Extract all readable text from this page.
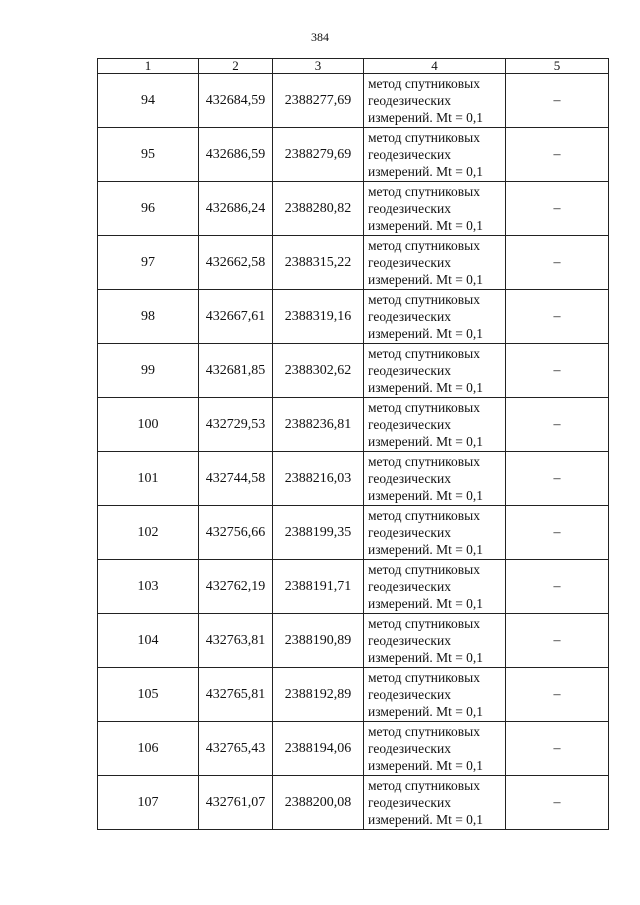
384
1	2	3	4	5
94	432684,59	2388277,69	метод спутниковых
геодезических
измерений. Mt = 0,1	–
95	432686,59	2388279,69	метод спутниковых
геодезических
измерений. Mt = 0,1	–
96	432686,24	2388280,82	метод спутниковых
геодезических
измерений. Mt = 0,1	–
97	432662,58	2388315,22	метод спутниковых
геодезических
измерений. Mt = 0,1	–
98	432667,61	2388319,16	метод спутниковых
геодезических
измерений. Mt = 0,1	–
99	432681,85	2388302,62	метод спутниковых
геодезических
измерений. Mt = 0,1	–
100	432729,53	2388236,81	метод спутниковых
геодезических
измерений. Mt = 0,1	–
101	432744,58	2388216,03	метод спутниковых
геодезических
измерений. Mt = 0,1	–
102	432756,66	2388199,35	метод спутниковых
геодезических
измерений. Mt = 0,1	–
103	432762,19	2388191,71	метод спутниковых
геодезических
измерений. Mt = 0,1	–
104	432763,81	2388190,89	метод спутниковых
геодезических
измерений. Mt = 0,1	–
105	432765,81	2388192,89	метод спутниковых
геодезических
измерений. Mt = 0,1	–
106	432765,43	2388194,06	метод спутниковых
геодезических
измерений. Mt = 0,1	–
107	432761,07	2388200,08	метод спутниковых
геодезических
измерений. Mt = 0,1	–
